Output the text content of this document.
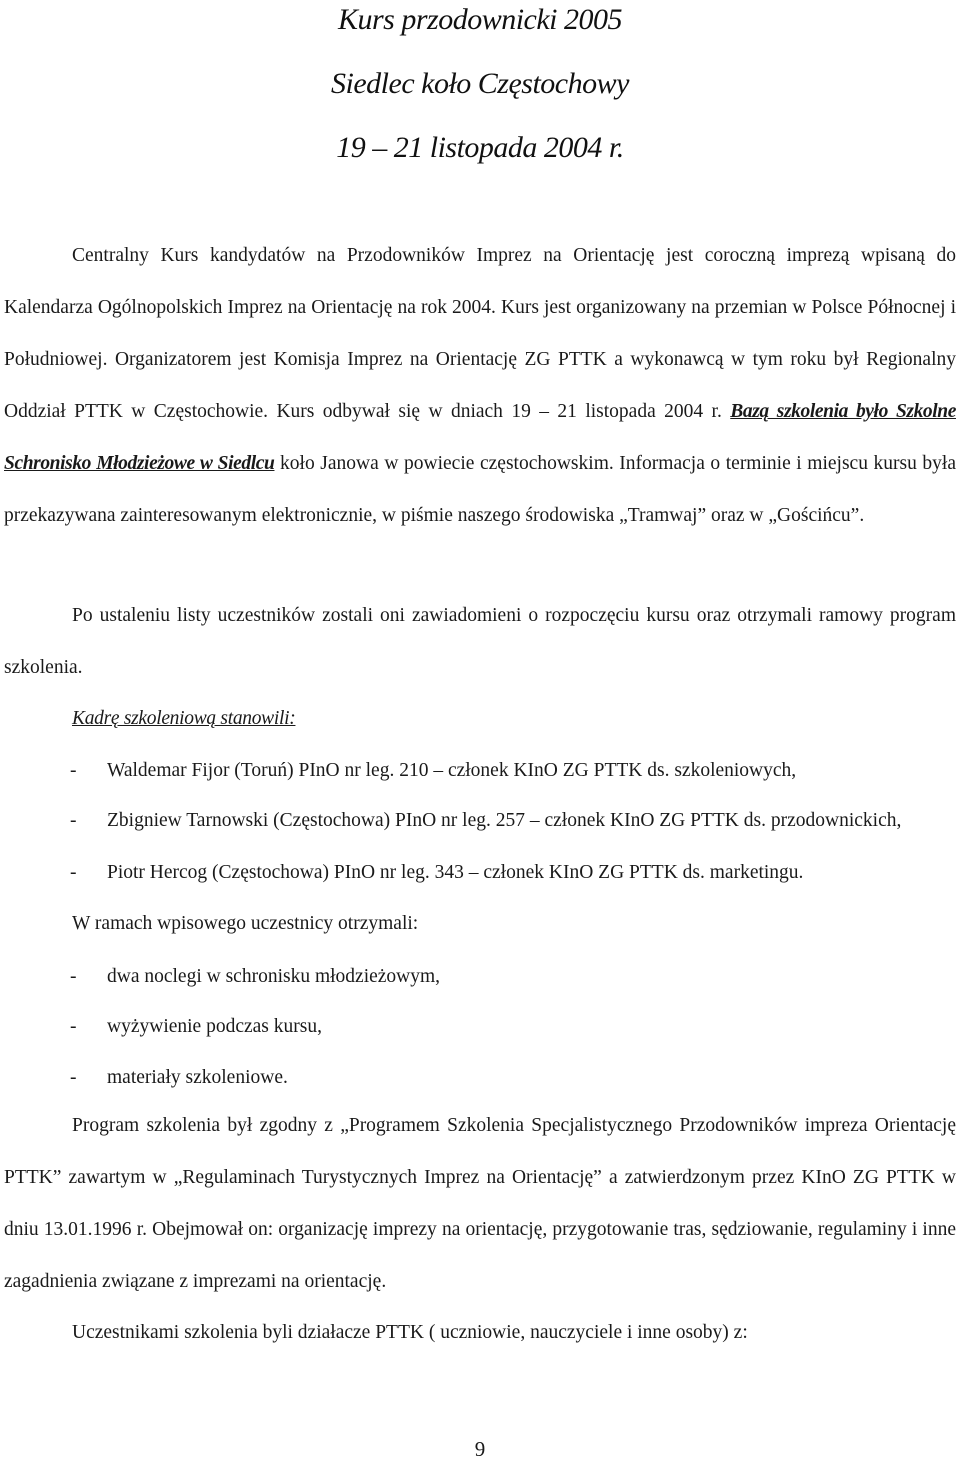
Kurs przodownicki 2005
Siedlec koło Częstochowy
19 – 21 listopada 2004 r.

Centralny Kurs kandydatów na Przodowników Imprez na Orientację jest coroczną imprezą wpisaną do Kalendarza Ogólnopolskich Imprez na Orientację na rok 2004. Kurs jest organizowany na przemian w Polsce Północnej i Południowej. Organizatorem jest Komisja Imprez na Orientację ZG PTTK a wykonawcą w tym roku był Regionalny Oddział PTTK w Częstochowie. Kurs odbywał się w dniach 19 – 21 listopada 2004 r. Bazą szkolenia było Szkolne Schronisko Młodzieżowe w Siedlcu koło Janowa w powiecie częstochowskim. Informacja o terminie i miejscu kursu była przekazywana zainteresowanym elektronicznie, w piśmie naszego środowiska „Tramwaj” oraz w „Gościńcu”.

Po ustaleniu listy uczestników zostali oni zawiadomieni o rozpoczęciu kursu oraz otrzymali ramowy program szkolenia.

Kadrę szkoleniową stanowili:
-	Waldemar Fijor (Toruń) PInO nr leg. 210 – członek KInO ZG PTTK ds. szkoleniowych,
-	Zbigniew Tarnowski (Częstochowa) PInO nr leg. 257 – członek KInO ZG PTTK ds. przodownickich,
-	Piotr Hercog (Częstochowa) PInO nr leg. 343 – członek KInO ZG PTTK ds. marketingu.
W ramach wpisowego uczestnicy otrzymali:
-	dwa noclegi w schronisku młodzieżowym,
-	wyżywienie podczas kursu,
-	materiały szkoleniowe.

Program szkolenia był zgodny z „Programem Szkolenia Specjalistycznego Przodowników impreza Orientację PTTK” zawartym w „Regulaminach Turystycznych Imprez na Orientację” a zatwierdzonym przez KInO ZG PTTK w dniu 13.01.1996 r. Obejmował on: organizację imprezy na orientację, przygotowanie tras, sędziowanie, regulaminy i inne zagadnienia związane z imprezami na orientację.

Uczestnikami szkolenia byli działacze PTTK ( uczniowie, nauczyciele i inne osoby) z:
9
